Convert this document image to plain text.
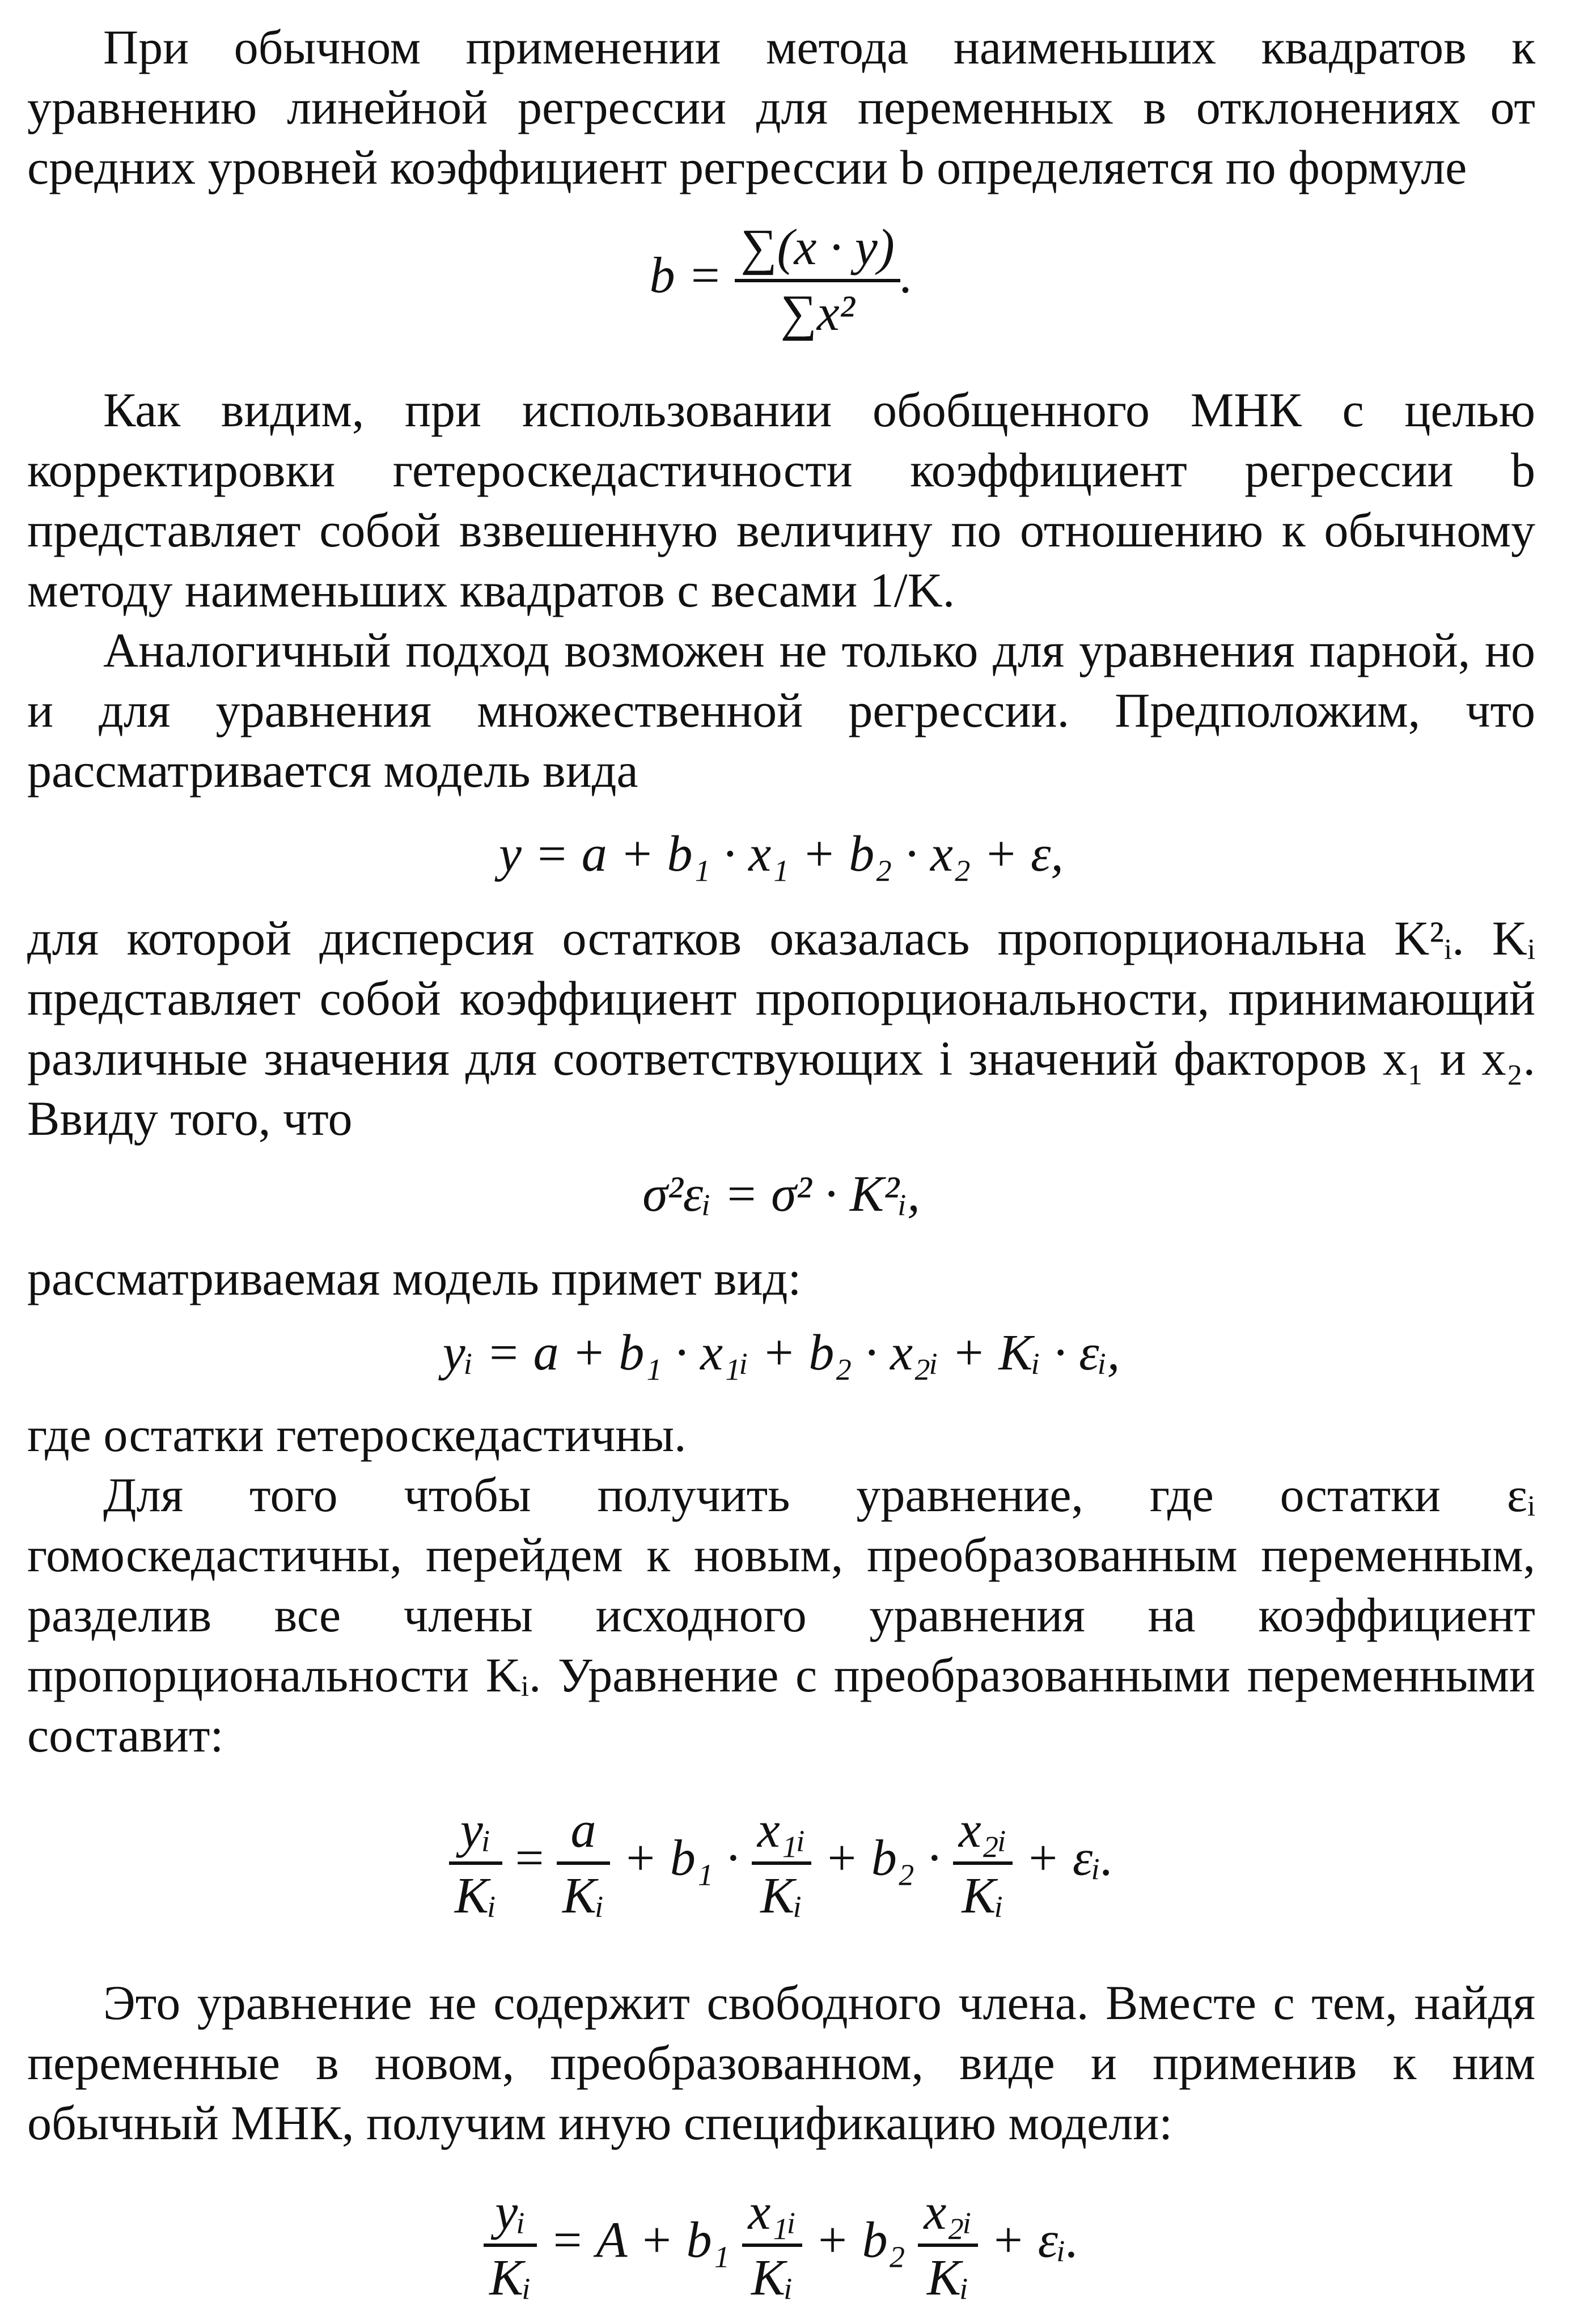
При обычном применении метода наименьших квадратов к уравнению линейной регрессии для переменных в отклонениях от средних уровней коэффициент регрессии b определяется по формуле

$b = \frac{\sum(x \cdot y)}{\text{∑x²}}$ .

Как видим, при использовании обобщенного МНК с целью корректировки гетероскедастичности коэффициент регрессии b представляет собой взвешенную величину по отношению к обычному методу наименьших квадратов с весами 1/K.

Аналогичный подход возможен не только для уравнения парной, но и для уравнения множественной регрессии. Предположим, что рассматривается модель вида

y = a + b₁ · x₁ + b₂ · x₂ + ε,

для которой дисперсия остатков оказалась пропорциональна K²ᵢ. Kᵢ представляет собой коэффициент пропорциональности, принимающий различные значения для соответствующих i значений факторов x₁ и x₂. Ввиду того, что

σ²εᵢ = σ² · K²ᵢ,

рассматриваемая модель примет вид:

yᵢ = a + b₁ · x₁ᵢ + b₂ · x₂ᵢ + Kᵢ · εᵢ,

где остатки гетероскедастичны.

Для того чтобы получить уравнение, где остатки εᵢ гомоскедастичны, перейдем к новым, преобразованным переменным, разделив все члены исходного уравнения на коэффициент пропорциональности Kᵢ. Уравнение с преобразованными переменными составит:

$\frac{\text{yᵢ}}{\text{Kᵢ}} = \frac{a}{\text{Kᵢ}} + b_1 \cdot \frac{\text{x₁ᵢ}}{\text{Kᵢ}} + b_2 \cdot \frac{\text{x₂ᵢ}}{\text{Kᵢ}}$ + εᵢ.

Это уравнение не содержит свободного члена. Вместе с тем, найдя переменные в новом, преобразованном, виде и применив к ним обычный МНК, получим иную спецификацию модели:

$\frac{\text{yᵢ}}{\text{Kᵢ}} = A + b_1 \frac{\text{x₁ᵢ}}{\text{Kᵢ}} + b_2 \frac{\text{x₂ᵢ}}{\text{Kᵢ}}$ + εᵢ.
